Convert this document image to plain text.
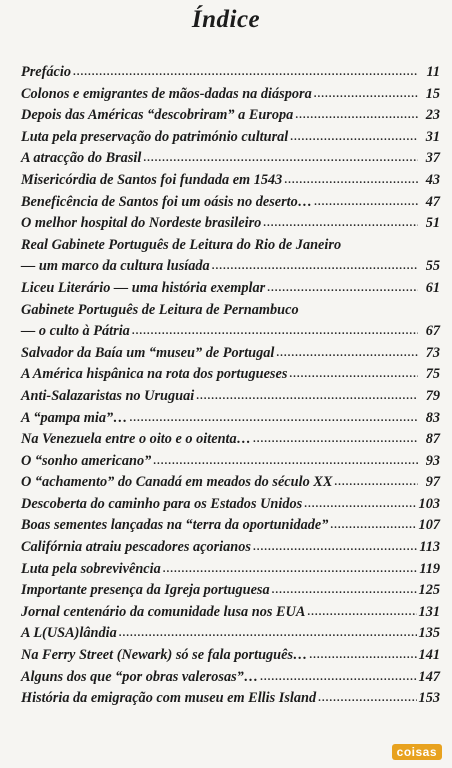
Índice
Prefácio .....	11
Colonos e emigrantes de mãos-dadas na diáspora .....	15
Depois das Américas “descobriram” a Europa .....	23
Luta pela preservação do património cultural .....	31
A atracção do Brasil .....	37
Misericórdia de Santos foi fundada em 1543 .....	43
Beneficência de Santos foi um oásis no deserto… .....	47
O melhor hospital do Nordeste brasileiro .....	51
Real Gabinete Português de Leitura do Rio de Janeiro
— um marco da cultura lusíada .....	55
Liceu Literário — uma história exemplar .....	61
Gabinete Português de Leitura de Pernambuco
— o culto à Pátria .....	67
Salvador da Baía um “museu” de Portugal .....	73
A América hispânica na rota dos portugueses .....	75
Anti-Salazaristas no Uruguai .....	79
A “pampa mia”… .....	83
Na Venezuela entre o oito e o oitenta… .....	87
O “sonho americano” .....	93
O “achamento” do Canadá em meados do século XX .....	97
Descoberta do caminho para os Estados Unidos .....	103
Boas sementes lançadas na “terra da oportunidade” .....	107
Califórnia atraiu pescadores açorianos .....	113
Luta pela sobrevivência .....	119
Importante presença da Igreja portuguesa .....	125
Jornal centenário da comunidade lusa nos EUA .....	131
A L(USA)lândia .....	135
Na Ferry Street (Newark) só se fala português… .....	141
Alguns dos que “por obras valerosas”… .....	147
História da emigração com museu em Ellis Island .....	153
coisas
